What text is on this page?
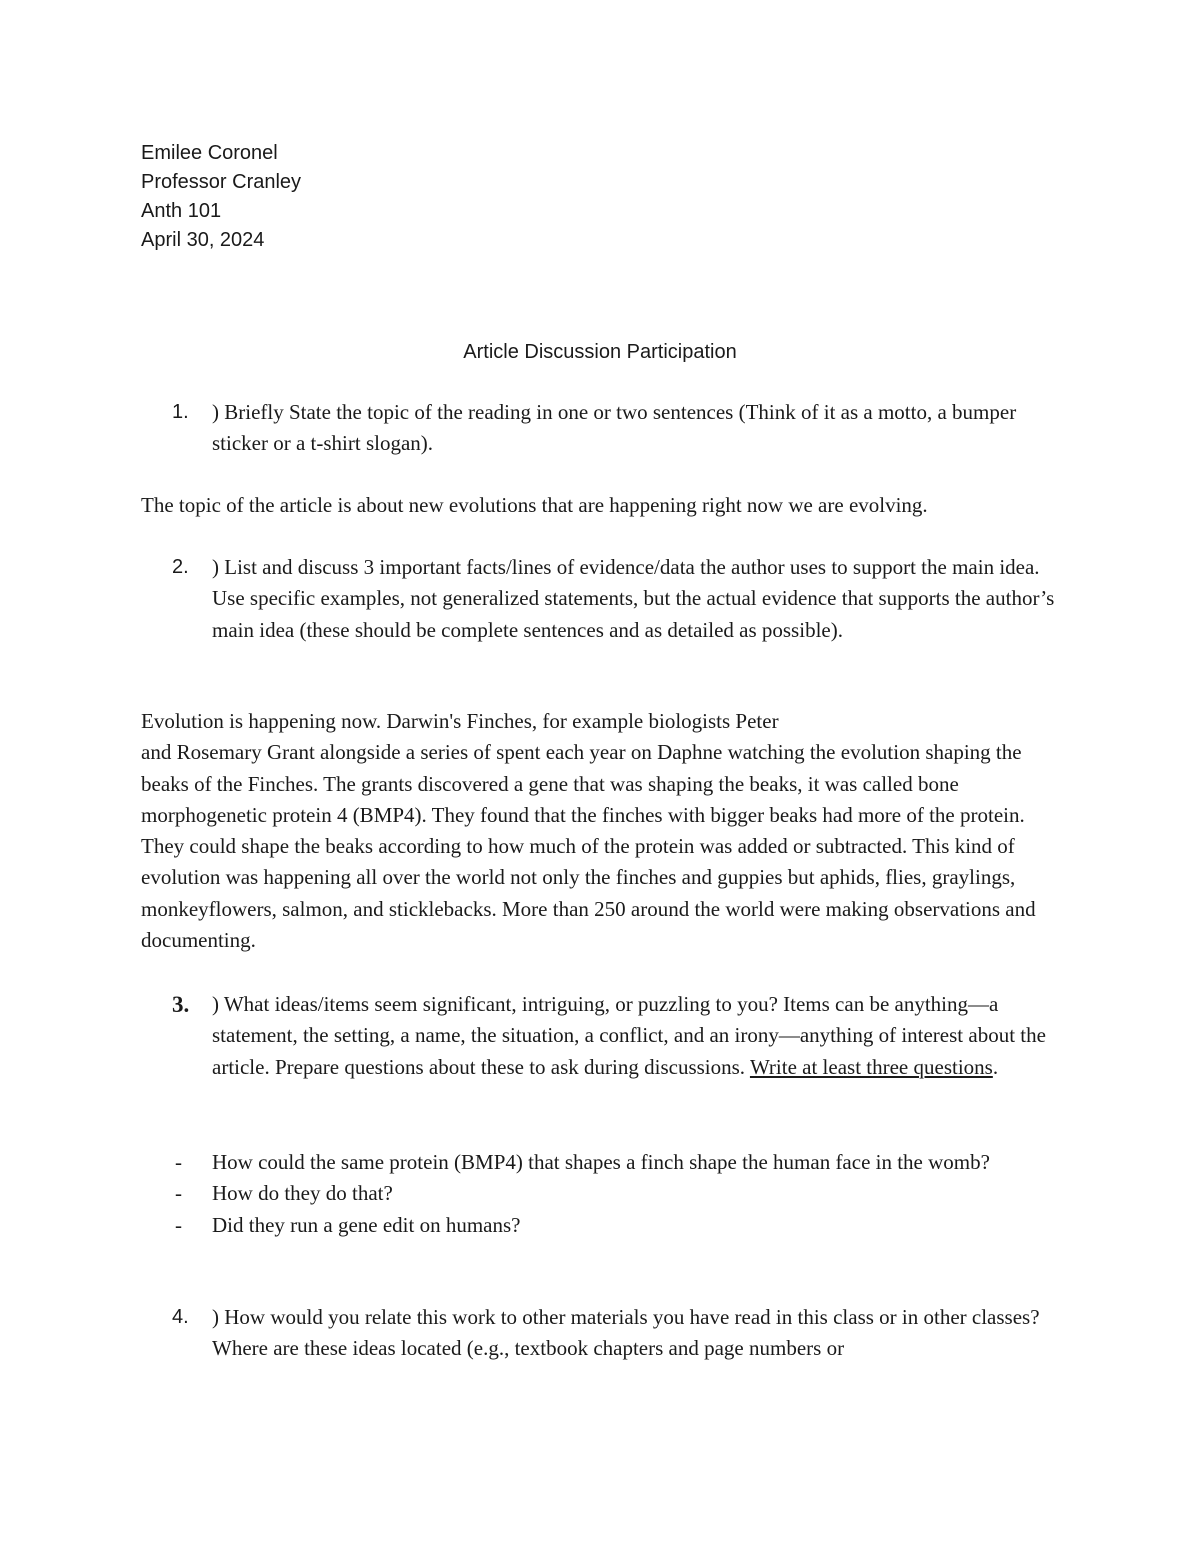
Emilee Coronel
Professor Cranley
Anth 101
April 30, 2024
Article Discussion Participation
1. ) Briefly State the topic of the reading in one or two sentences (Think of it as a motto, a bumper sticker or a t-shirt slogan).
The topic of the article is about new evolutions that are happening right now we are evolving.
2. ) List and discuss 3 important facts/lines of evidence/data the author uses to support the main idea. Use specific examples, not generalized statements, but the actual evidence that supports the author’s main idea (these should be complete sentences and as detailed as possible).
Evolution is happening now. Darwin's Finches, for example biologists Peter
and Rosemary Grant alongside a series of spent each year on Daphne watching the evolution shaping the beaks of the Finches. The grants discovered a gene that was shaping the beaks, it was called bone morphogenetic protein 4 (BMP4). They found that the finches with bigger beaks had more of the protein. They could shape the beaks according to how much of the protein was added or subtracted. This kind of evolution was happening all over the world not only the finches and guppies but aphids, flies, graylings, monkeyflowers, salmon, and sticklebacks. More than 250 around the world were making observations and documenting.
3. ) What ideas/items seem significant, intriguing, or puzzling to you? Items can be anything—a statement, the setting, a name, the situation, a conflict, and an irony—anything of interest about the article. Prepare questions about these to ask during discussions. Write at least three questions.
- How could the same protein (BMP4) that shapes a finch shape the human face in the womb?
- How do they do that?
- Did they run a gene edit on humans?
4. ) How would you relate this work to other materials you have read in this class or in other classes? Where are these ideas located (e.g., textbook chapters and page numbers or
